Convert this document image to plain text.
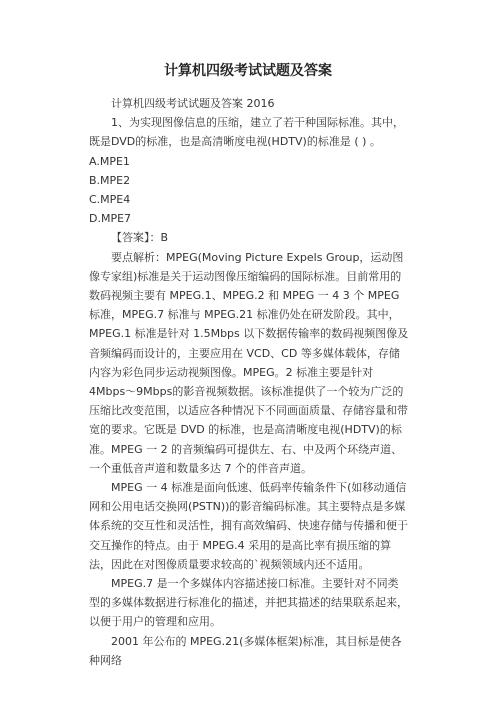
计算机四级考试试题及答案

计算机四级考试试题及答案 2016

1、为实现图像信息的压缩，建立了若干种国际标准。其中，既是DVD的标准，也是高清晰度电视(HDTV)的标准是 ( ) 。

A.MPE1

B.MPE2

C.MPE4

D.MPE7

【答案】：B

要点解析：MPEG(Moving Picture Expels Group，运动图像专家组)标准是关于运动图像压缩编码的国际标准。目前常用的数码视频主要有 MPEG.1、MPEG.2 和 MPEG 一 4 3 个 MPEG 标准，MPEG.7 标准与 MPEG.21 标准仍处在研发阶段。其中，MPEG.1 标准是针对 1.5Mbps 以下数据传输率的数码视频图像及音频编码而设计的，主要应用在 VCD、CD 等多媒体载体，存储内容为彩色同步运动视频图像。MPEG。2 标准主要是针对 4Mbps～9Mbps的影音视频数据。该标准提供了一个较为广泛的压缩比改变范围，以适应各种情况下不同画面质量、存储容量和带宽的要求。它既是 DVD 的标准，也是高清晰度电视(HDTV)的标准。MPEG 一 2 的音频编码可提供左、右、中及两个环绕声道、一个重低音声道和数量多达 7 个的伴音声道。

MPEG 一 4 标准是面向低速、低码率传输条件下(如移动通信网和公用电话交换网(PSTN))的影音编码标准。其主要特点是多媒体系统的交互性和灵活性，拥有高效编码、快速存储与传播和便于交互操作的特点。由于 MPEG.4 采用的是高比率有损压缩的算法，因此在对图像质量要求较高的`视频领域内还不适用。

MPEG.7 是一个多媒体内容描述接口标准。主要针对不同类型的多媒体数据进行标准化的描述，并把其描述的结果联系起来，以便于用户的管理和应用。

2001 年公布的 MPEG.21(多媒体框架)标准，其目标是使各种网络
